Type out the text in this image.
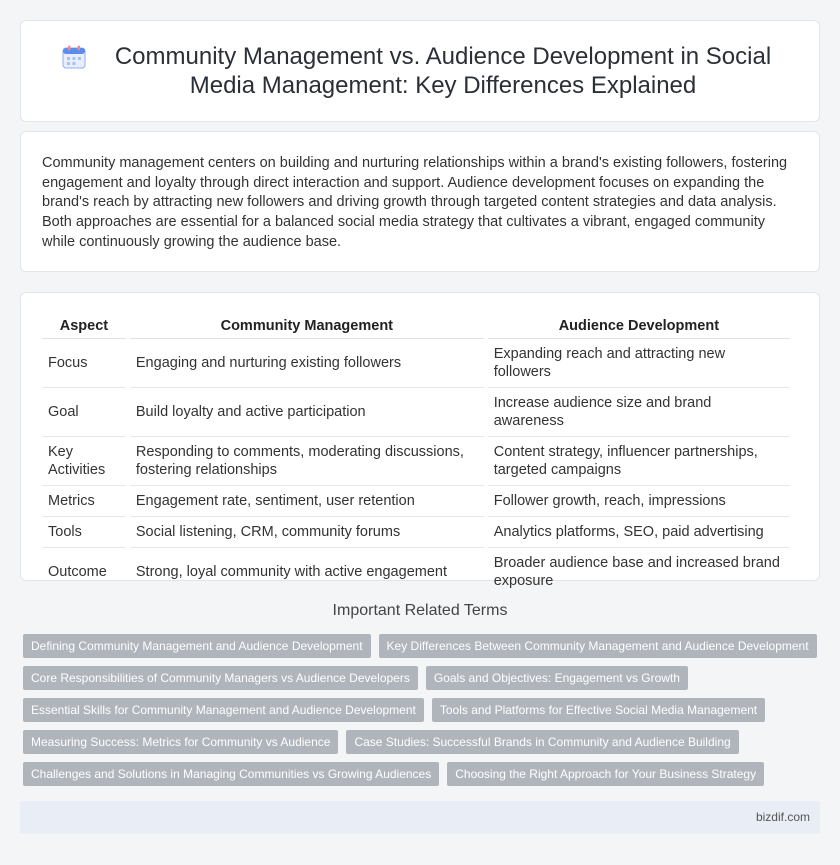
Community Management vs. Audience Development in Social Media Management: Key Differences Explained

Community management centers on building and nurturing relationships within a brand's existing followers, fostering engagement and loyalty through direct interaction and support. Audience development focuses on expanding the brand's reach by attracting new followers and driving growth through targeted content strategies and data analysis. Both approaches are essential for a balanced social media strategy that cultivates a vibrant, engaged community while continuously growing the audience base.

Aspect	Community Management	Audience Development
Focus	Engaging and nurturing existing followers	Expanding reach and attracting new followers
Goal	Build loyalty and active participation	Increase audience size and brand awareness
Key Activities	Responding to comments, moderating discussions, fostering relationships	Content strategy, influencer partnerships, targeted campaigns
Metrics	Engagement rate, sentiment, user retention	Follower growth, reach, impressions
Tools	Social listening, CRM, community forums	Analytics platforms, SEO, paid advertising
Outcome	Strong, loyal community with active engagement	Broader audience base and increased brand exposure
Important Related Terms
Defining Community Management and Audience Development	Key Differences Between Community Management and Audience Development
Core Responsibilities of Community Managers vs Audience Developers	Goals and Objectives: Engagement vs Growth
Essential Skills for Community Management and Audience Development	Tools and Platforms for Effective Social Media Management
Measuring Success: Metrics for Community vs Audience	Case Studies: Successful Brands in Community and Audience Building
Challenges and Solutions in Managing Communities vs Growing Audiences	Choosing the Right Approach for Your Business Strategy
bizdif.com
